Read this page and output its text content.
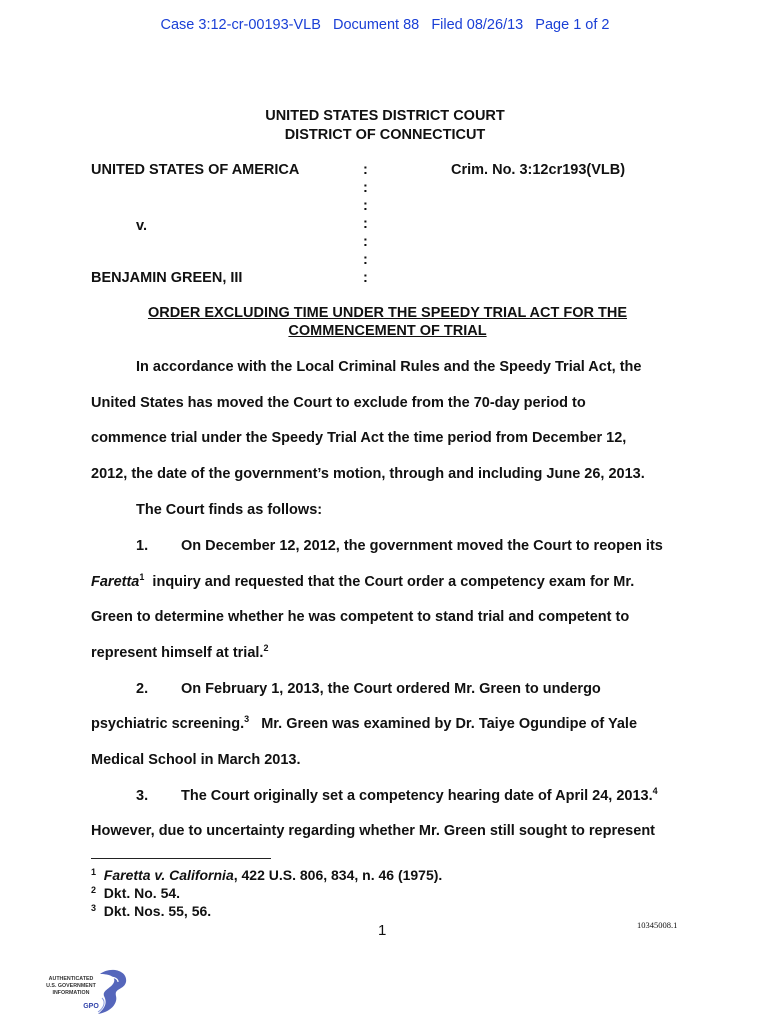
Case 3:12-cr-00193-VLB   Document 88   Filed 08/26/13   Page 1 of 2
UNITED STATES DISTRICT COURT
DISTRICT OF CONNECTICUT
UNITED STATES OF AMERICA	Crim. No. 3:12cr193(VLB)
v.
BENJAMIN GREEN, III
:
:
:
:
:
:
:
ORDER EXCLUDING TIME UNDER THE SPEEDY TRIAL ACT FOR THE
COMMENCEMENT OF TRIAL
In accordance with the Local Criminal Rules and the Speedy Trial Act, the
United States has moved the Court to exclude from the 70-day period to
commence trial under the Speedy Trial Act the time period from December 12,
2012, the date of the government’s motion, through and including June 26, 2013.
The Court finds as follows:
1. On December 12, 2012, the government moved the Court to reopen its
Faretta$^1$  inquiry and requested that the Court order a competency exam for Mr.
Green to determine whether he was competent to stand trial and competent to
represent himself at trial.$^2$
2. On February 1, 2013, the Court ordered Mr. Green to undergo
psychiatric screening.$^3$   Mr. Green was examined by Dr. Taiye Ogundipe of Yale
Medical School in March 2013.
3. The Court originally set a competency hearing date of April 24, 2013.$^4$
However, due to uncertainty regarding whether Mr. Green still sought to represent
$^1$ Faretta v. California, 422 U.S. 806, 834, n. 46 (1975).
$^2$ Dkt. No. 54.
$^3$ Dkt. Nos. 55, 56.
1	10345008.1
AUTHENTICATED
U.S. GOVERNMENT
INFORMATION
GPO
